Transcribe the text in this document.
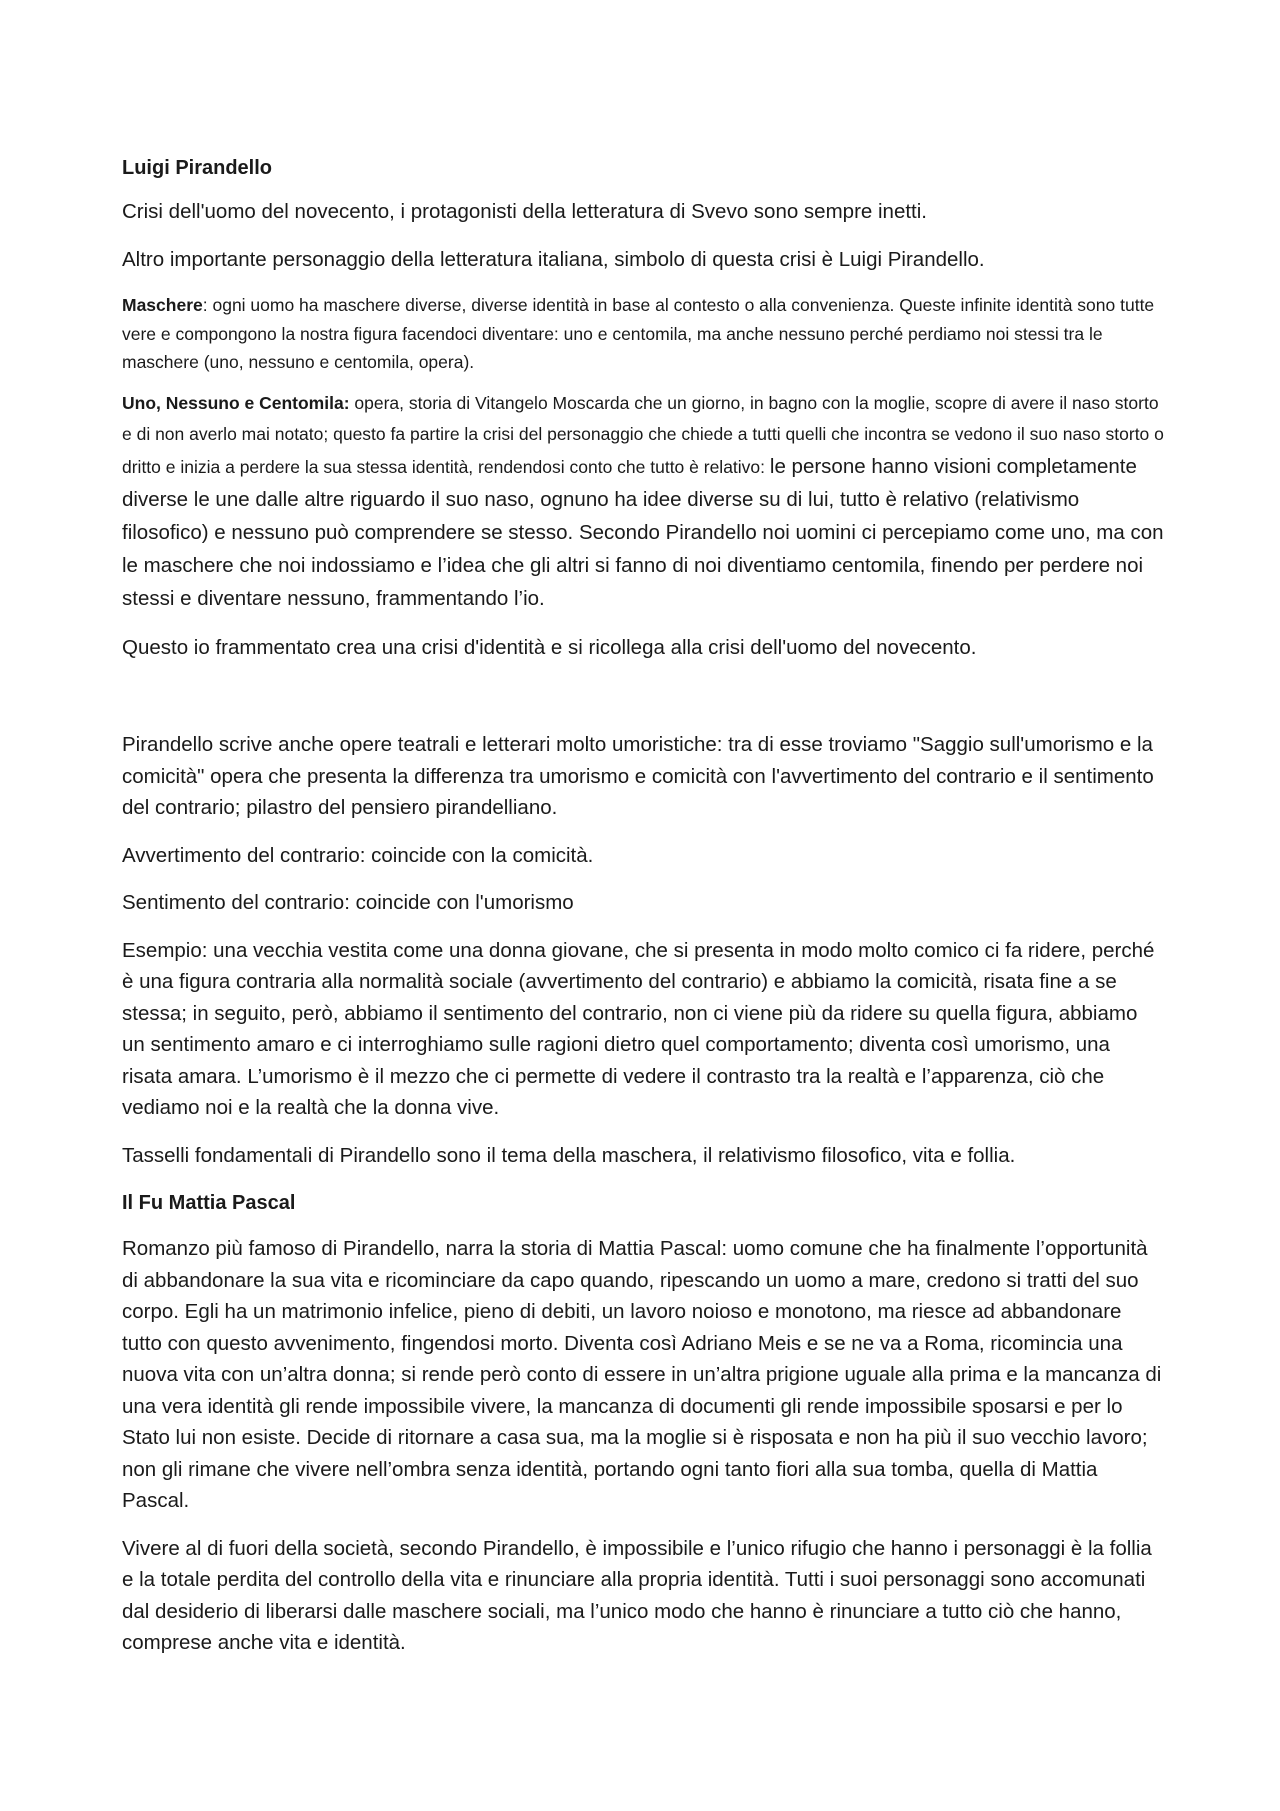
Luigi Pirandello

Crisi dell'uomo del novecento, i protagonisti della letteratura di Svevo sono sempre inetti.

Altro importante personaggio della letteratura italiana, simbolo di questa crisi è Luigi Pirandello.

Maschere: ogni uomo ha maschere diverse, diverse identità in base al contesto o alla convenienza. Queste infinite identità sono tutte vere e compongono la nostra figura facendoci diventare: uno e centomila, ma anche nessuno perché perdiamo noi stessi tra le maschere (uno, nessuno e centomila, opera).

Uno, Nessuno e Centomila: opera, storia di Vitangelo Moscarda che un giorno, in bagno con la moglie, scopre di avere il naso storto e di non averlo mai notato; questo fa partire la crisi del personaggio che chiede a tutti quelli che incontra se vedono il suo naso storto o dritto e inizia a perdere la sua stessa identità, rendendosi conto che tutto è relativo: le persone hanno visioni completamente diverse le une dalle altre riguardo il suo naso, ognuno ha idee diverse su di lui, tutto è relativo (relativismo filosofico) e nessuno può comprendere se stesso. Secondo Pirandello noi uomini ci percepiamo come uno, ma con le maschere che noi indossiamo e l’idea che gli altri si fanno di noi diventiamo centomila, finendo per perdere noi stessi e diventare nessuno, frammentando l’io.

Questo io frammentato crea una crisi d'identità e si ricollega alla crisi dell'uomo del novecento.

Pirandello scrive anche opere teatrali e letterari molto umoristiche: tra di esse troviamo "Saggio sull'umorismo e la comicità" opera che presenta la differenza tra umorismo e comicità con l'avvertimento del contrario e il sentimento del contrario; pilastro del pensiero pirandelliano.

Avvertimento del contrario: coincide con la comicità.

Sentimento del contrario: coincide con l'umorismo

Esempio: una vecchia vestita come una donna giovane, che si presenta in modo molto comico ci fa ridere, perché è una figura contraria alla normalità sociale (avvertimento del contrario) e abbiamo la comicità, risata fine a se stessa; in seguito, però, abbiamo il sentimento del contrario, non ci viene più da ridere su quella figura, abbiamo un sentimento amaro e ci interroghiamo sulle ragioni dietro quel comportamento; diventa così umorismo, una risata amara. L’umorismo è il mezzo che ci permette di vedere il contrasto tra la realtà e l’apparenza, ciò che vediamo noi e la realtà che la donna vive.

Tasselli fondamentali di Pirandello sono il tema della maschera, il relativismo filosofico, vita e follia.

Il Fu Mattia Pascal

Romanzo più famoso di Pirandello, narra la storia di Mattia Pascal: uomo comune che ha finalmente l’opportunità di abbandonare la sua vita e ricominciare da capo quando, ripescando un uomo a mare, credono si tratti del suo corpo. Egli ha un matrimonio infelice, pieno di debiti, un lavoro noioso e monotono, ma riesce ad abbandonare tutto con questo avvenimento, fingendosi morto. Diventa così Adriano Meis e se ne va a Roma, ricomincia una nuova vita con un’altra donna; si rende però conto di essere in un’altra prigione uguale alla prima e la mancanza di una vera identità gli rende impossibile vivere, la mancanza di documenti gli rende impossibile sposarsi e per lo Stato lui non esiste. Decide di ritornare a casa sua, ma la moglie si è risposata e non ha più il suo vecchio lavoro; non gli rimane che vivere nell’ombra senza identità, portando ogni tanto fiori alla sua tomba, quella di Mattia Pascal.

Vivere al di fuori della società, secondo Pirandello, è impossibile e l’unico rifugio che hanno i personaggi è la follia e la totale perdita del controllo della vita e rinunciare alla propria identità. Tutti i suoi personaggi sono accomunati dal desiderio di liberarsi dalle maschere sociali, ma l’unico modo che hanno è rinunciare a tutto ciò che hanno, comprese anche vita e identità.
